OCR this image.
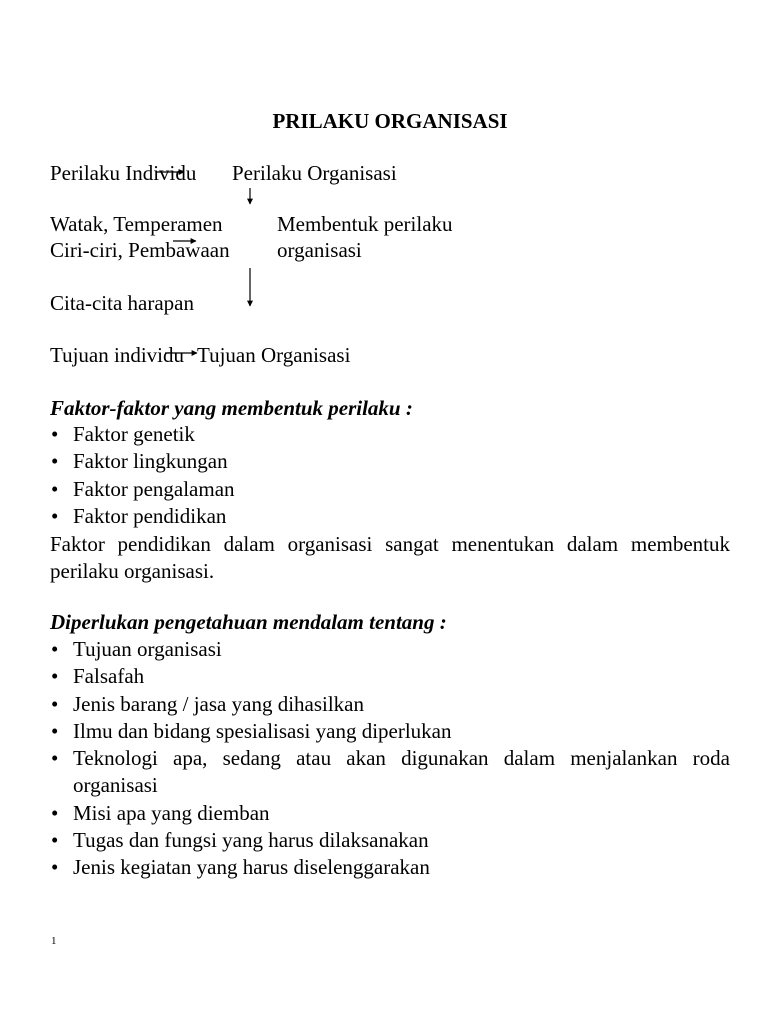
PRILAKU ORGANISASI
Perilaku Individu Perilaku Organisasi
Watak, Temperamen
Ciri-ciri, Pembawaan
Membentuk perilaku
organisasi
Cita-cita harapan
Tujuan individu Tujuan Organisasi
Faktor-faktor yang membentuk perilaku :
• Faktor genetik
• Faktor lingkungan
• Faktor pengalaman
• Faktor pendidikan
Faktor pendidikan dalam organisasi sangat menentukan dalam membentuk perilaku organisasi.
Diperlukan pengetahuan mendalam tentang :
• Tujuan organisasi
• Falsafah
• Jenis barang / jasa yang dihasilkan
• Ilmu dan bidang spesialisasi yang diperlukan
• Teknologi apa, sedang atau akan digunakan dalam menjalankan roda organisasi
• Misi apa yang diemban
• Tugas dan fungsi yang harus dilaksanakan
• Jenis kegiatan yang harus diselenggarakan
1
